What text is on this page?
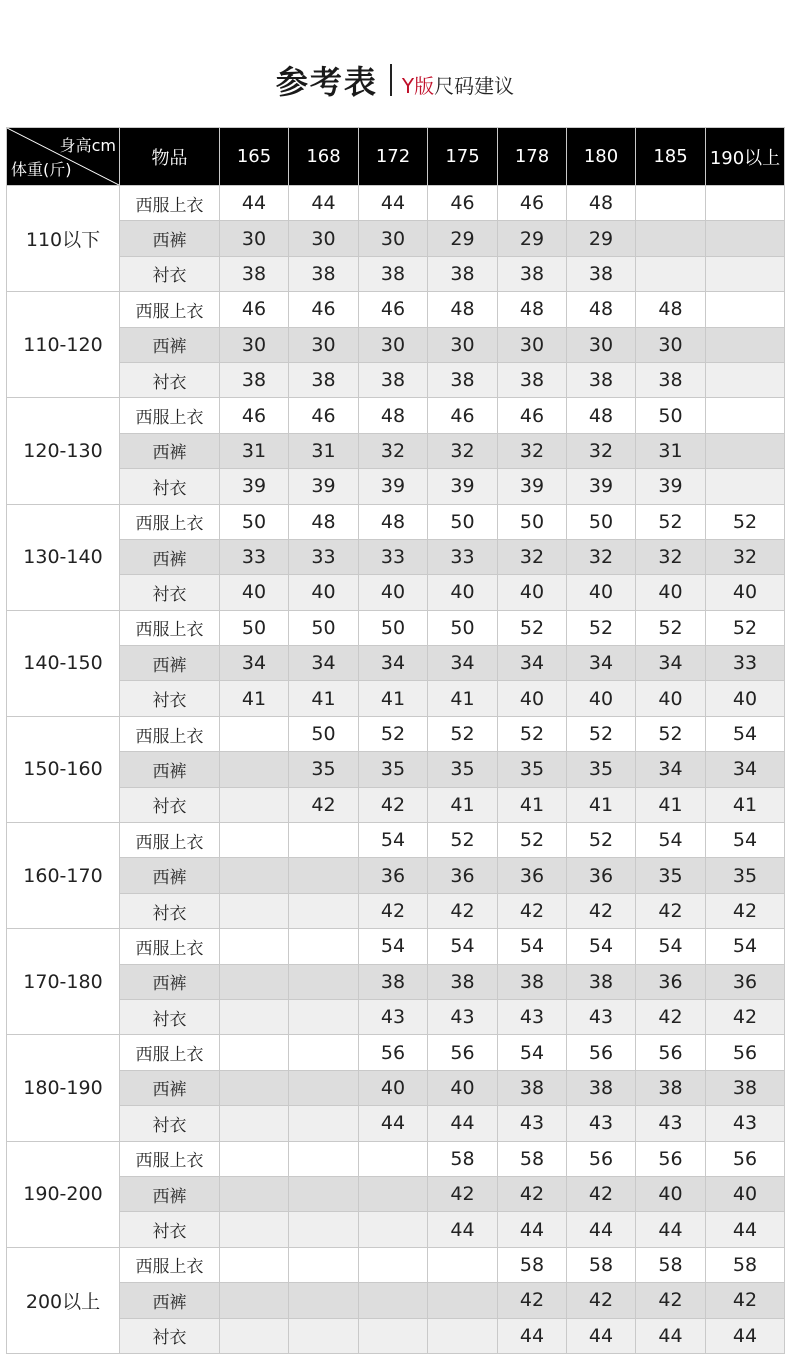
参考表 Y版 尺码建议
身高cm
体重(斤)	物品	165	168	172	175	178	180	185	190以上
110以下	西服上衣	44	44	44	46	46	48		
	西裤	30	30	30	29	29	29		
	衬衣	38	38	38	38	38	38		
110-120	西服上衣	46	46	46	48	48	48	48	
	西裤	30	30	30	30	30	30	30	
	衬衣	38	38	38	38	38	38	38	
120-130	西服上衣	46	46	48	46	46	48	50	
	西裤	31	31	32	32	32	32	31	
	衬衣	39	39	39	39	39	39	39	
130-140	西服上衣	50	48	48	50	50	50	52	52
	西裤	33	33	33	33	32	32	32	32
	衬衣	40	40	40	40	40	40	40	40
140-150	西服上衣	50	50	50	50	52	52	52	52
	西裤	34	34	34	34	34	34	34	33
	衬衣	41	41	41	41	40	40	40	40
150-160	西服上衣		50	52	52	52	52	52	54
	西裤		35	35	35	35	35	34	34
	衬衣		42	42	41	41	41	41	41
160-170	西服上衣			54	52	52	52	54	54
	西裤			36	36	36	36	35	35
	衬衣			42	42	42	42	42	42
170-180	西服上衣			54	54	54	54	54	54
	西裤			38	38	38	38	36	36
	衬衣			43	43	43	43	42	42
180-190	西服上衣			56	56	54	56	56	56
	西裤			40	40	38	38	38	38
	衬衣			44	44	43	43	43	43
190-200	西服上衣				58	58	56	56	56
	西裤				42	42	42	40	40
	衬衣				44	44	44	44	44
200以上	西服上衣					58	58	58	58
	西裤					42	42	42	42
	衬衣					44	44	44	44
